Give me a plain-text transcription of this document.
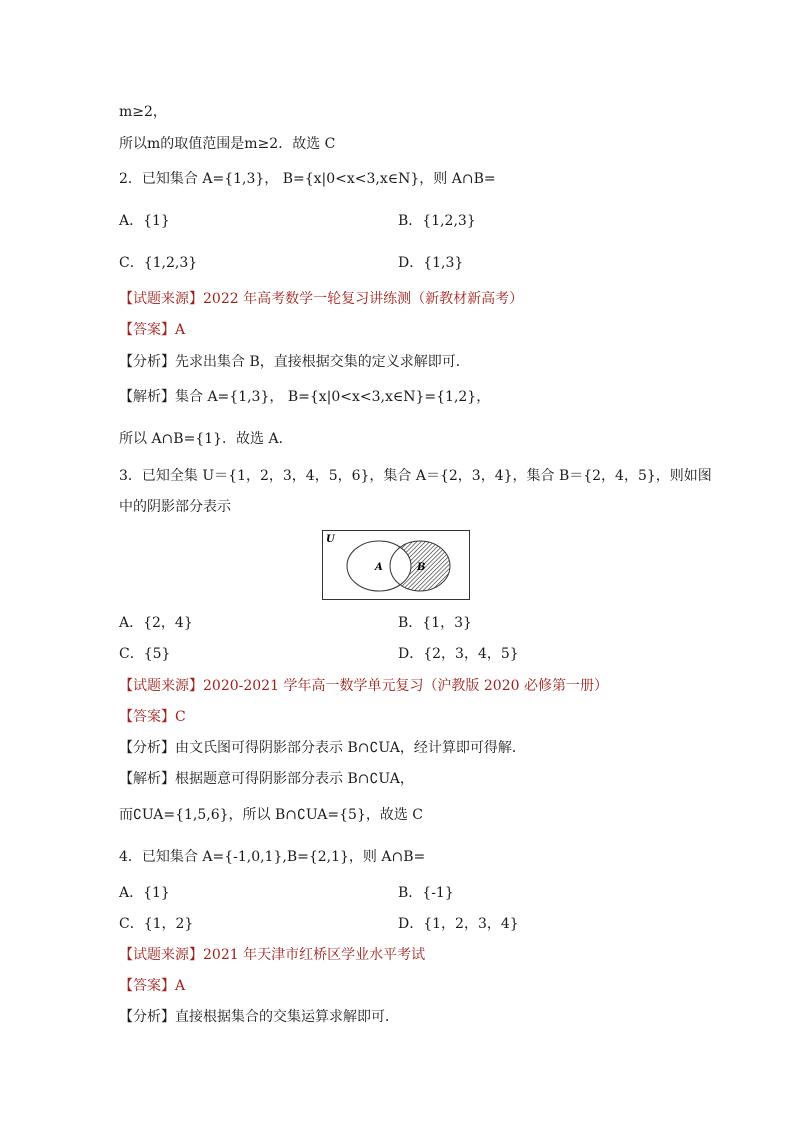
m≥2，
所以m的取值范围是m≥2．故选 C
2．已知集合 A={1,3}， B={x|0<x<3,x∈N}，则 A∩B=
A．{1}	B．{1,2,3}
C．{1,2,3}	D．{1,3}
【试题来源】2022 年高考数学一轮复习讲练测（新教材新高考）
【答案】A
【分析】先求出集合 B，直接根据交集的定义求解即可．
【解析】集合 A={1,3}， B={x|0<x<3,x∈N}={1,2}，
所以 A∩B={1}．故选 A．
3．已知全集 U＝{1，2，3，4，5，6}，集合 A＝{2，3，4}，集合 B＝{2，4，5}，则如图
中的阴影部分表示
U
A	B
A．{2，4}	B．{1，3}
C．{5}	D．{2，3，4，5}
【试题来源】2020-2021 学年高一数学单元复习（沪教版 2020 必修第一册）
【答案】C
【分析】由文氏图可得阴影部分表示 B∩∁UA，经计算即可得解．
【解析】根据题意可得阴影部分表示 B∩∁UA，
而∁UA={1,5,6}，所以 B∩∁UA={5}，故选 C
4．已知集合 A={-1,0,1},B={2,1}，则 A∩B=
A．{1}	B．{-1}
C．{1，2}	D．{1，2，3，4}
【试题来源】2021 年天津市红桥区学业水平考试
【答案】A
【分析】直接根据集合的交集运算求解即可．
